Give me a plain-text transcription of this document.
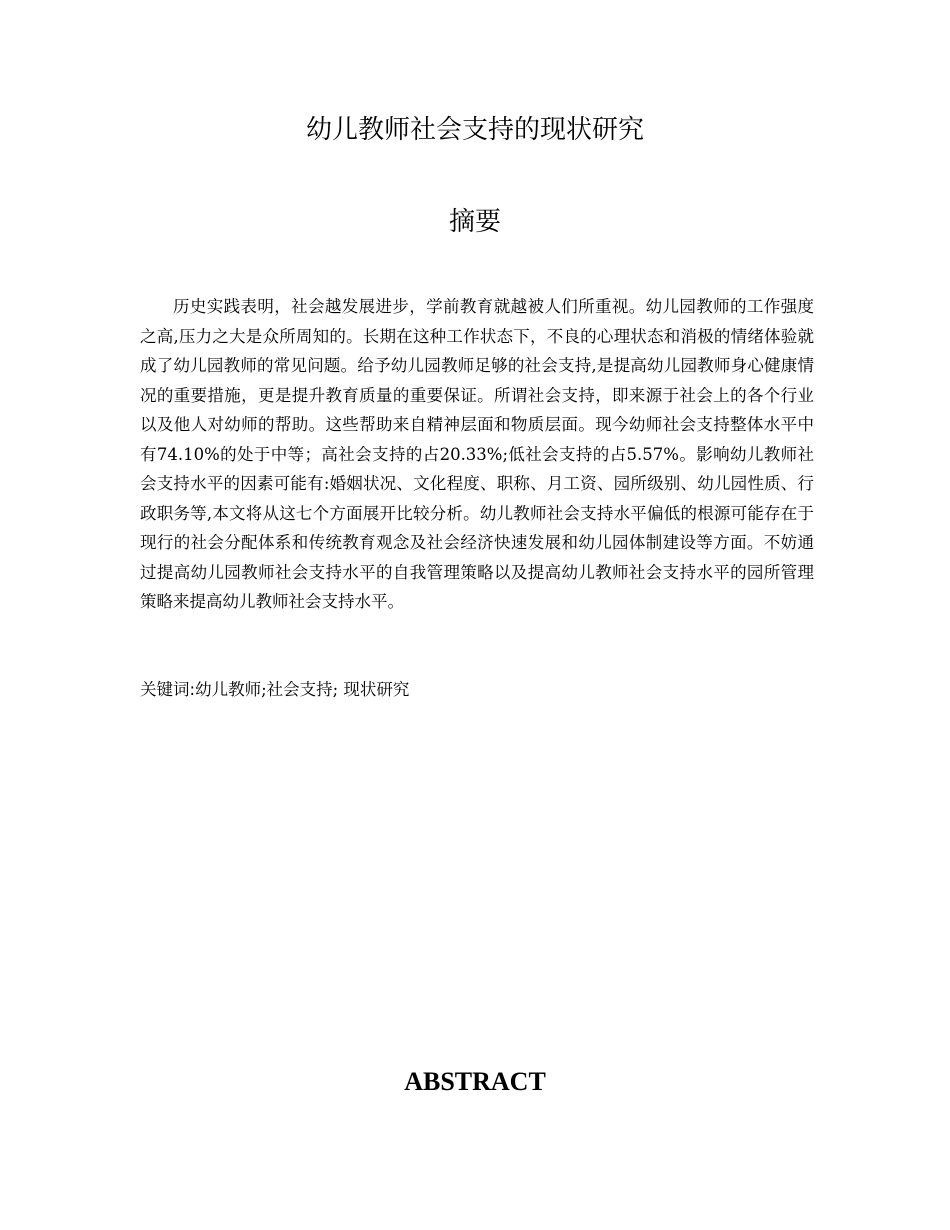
幼儿教师社会支持的现状研究
摘要

历史实践表明，社会越发展进步，学前教育就越被人们所重视。幼儿园教师的工作强度之高,压力之大是众所周知的。长期在这种工作状态下，不良的心理状态和消极的情绪体验就成了幼儿园教师的常见问题。给予幼儿园教师足够的社会支持,是提高幼儿园教师身心健康情况的重要措施，更是提升教育质量的重要保证。所谓社会支持，即来源于社会上的各个行业以及他人对幼师的帮助。这些帮助来自精神层面和物质层面。现今幼师社会支持整体水平中有74.10%的处于中等；高社会支持的占20.33%;低社会支持的占5.57%。影响幼儿教师社会支持水平的因素可能有:婚姻状况、文化程度、职称、月工资、园所级别、幼儿园性质、行政职务等,本文将从这七个方面展开比较分析。幼儿教师社会支持水平偏低的根源可能存在于现行的社会分配体系和传统教育观念及社会经济快速发展和幼儿园体制建设等方面。不妨通过提高幼儿园教师社会支持水平的自我管理策略以及提高幼儿教师社会支持水平的园所管理策略来提高幼儿教师社会支持水平。

关键词:幼儿教师;社会支持; 现状研究

ABSTRACT
